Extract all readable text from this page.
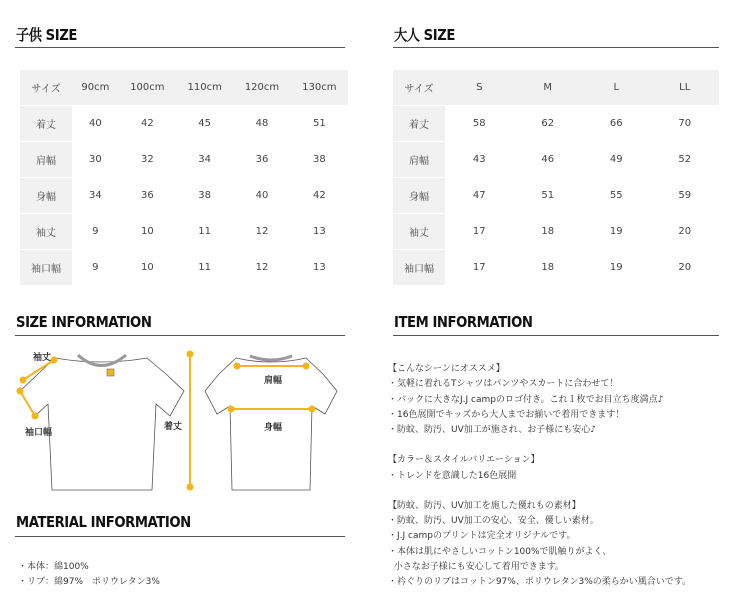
子供 SIZE	大人 SIZE
サイズ	90cm	100cm	110cm	120cm	130cm
着丈	40	42	45	48	51
肩幅	30	32	34	36	38
身幅	34	36	38	40	42
袖丈	9	10	11	12	13
袖口幅	9	10	11	12	13
サイズ	S	M	L	LL
着丈	58	62	66	70
肩幅	43	46	49	52
身幅	47	51	55	59
袖丈	17	18	19	20
袖口幅	17	18	19	20
SIZE INFORMATION
袖丈
袖口幅
着丈
肩幅
身幅
ITEM INFORMATION

【こんなシーンにオススメ】
・気軽に着れるTシャツはパンツやスカートに合わせて！
・バックに大きなJ.J campのロゴ付き。これ１枚でお目立ち度満点♪
・16色展開でキッズから大人までお揃いで着用できます！
・防蚊、防汚、UV加工が施され、お子様にも安心♪

【カラー＆スタイルバリエーション】
・トレンドを意識した16色展開

【防蚊、防汚、UV加工を施した優れもの素材】
・防蚊、防汚、UV加工の安心、安全、優しい素材。
・J.J campのプリントは完全オリジナルです。
・本体は肌にやさしいコットン100%で肌触りがよく、
小さなお子様にも安心して着用できます。
・衿ぐりのリブはコットン97%、ポリウレタン3%の柔らかい風合いです。

MATERIAL INFORMATION

・本体：綿100%
・リブ：綿97%　ポリウレタン3%
